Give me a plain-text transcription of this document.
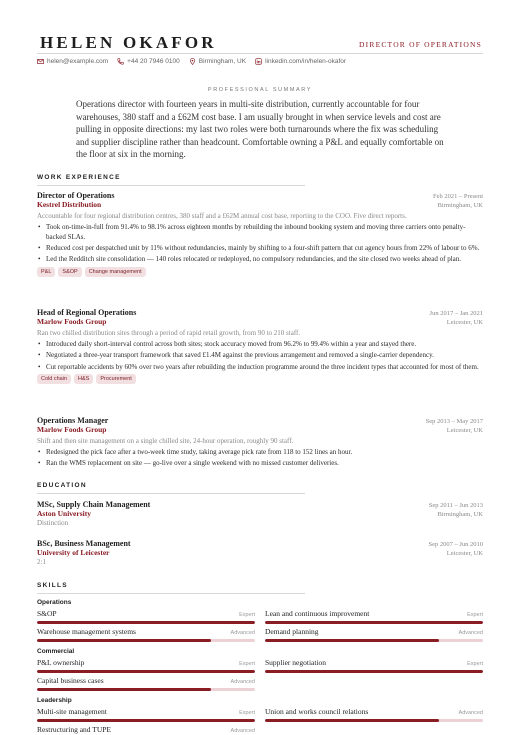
HELEN OKAFOR	DIRECTOR OF OPERATIONS
helen@example.com	+44 20 7946 0100	Birmingham, UK	linkedin.com/in/helen-okafor
PROFESSIONAL SUMMARY
Operations director with fourteen years in multi-site distribution, currently accountable for four warehouses, 380 staff and a £62M cost base. I am usually brought in when service levels and cost are pulling in opposite directions: my last two roles were both turnarounds where the fix was scheduling and supplier discipline rather than headcount. Comfortable owning a P&L and equally comfortable on the floor at six in the morning.
WORK EXPERIENCE
Director of Operations	Feb 2021 – Present
Kestrel Distribution	Birmingham, UK
Accountable for four regional distribution centres, 380 staff and a £62M annual cost base, reporting to the COO. Five direct reports.
• Took on-time-in-full from 91.4% to 98.1% across eighteen months by rebuilding the inbound booking system and moving three carriers onto penalty-backed SLAs.
• Reduced cost per despatched unit by 11% without redundancies, mainly by shifting to a four-shift pattern that cut agency hours from 22% of labour to 6%.
• Led the Redditch site consolidation — 140 roles relocated or redeployed, no compulsory redundancies, and the site closed two weeks ahead of plan.
P&L	S&OP	Change management
Head of Regional Operations	Jun 2017 – Jan 2021
Marlow Foods Group	Leicester, UK
Ran two chilled distribution sites through a period of rapid retail growth, from 90 to 210 staff.
• Introduced daily short-interval control across both sites; stock accuracy moved from 96.2% to 99.4% within a year and stayed there.
• Negotiated a three-year transport framework that saved £1.4M against the previous arrangement and removed a single-carrier dependency.
• Cut reportable accidents by 60% over two years after rebuilding the induction programme around the three incident types that accounted for most of them.
Cold chain	H&S	Procurement
Operations Manager	Sep 2013 – May 2017
Marlow Foods Group	Leicester, UK
Shift and then site management on a single chilled site, 24-hour operation, roughly 90 staff.
• Redesigned the pick face after a two-week time study, taking average pick rate from 118 to 152 lines an hour.
• Ran the WMS replacement on site — go-live over a single weekend with no missed customer deliveries.
EDUCATION
MSc, Supply Chain Management	Sep 2011 – Jun 2013
Aston University	Birmingham, UK
Distinction
BSc, Business Management	Sep 2007 – Jun 2010
University of Leicester	Leicester, UK
2:1
SKILLS
Operations
S&OP	Expert Lean and continuous improvement	Expert
Warehouse management systems	Advanced Demand planning	Advanced
Commercial
P&L ownership	Expert Supplier negotiation	Expert
Capital business cases	Advanced
Leadership
Multi-site management	Expert Union and works council relations	Advanced
Restructuring and TUPE	Advanced
